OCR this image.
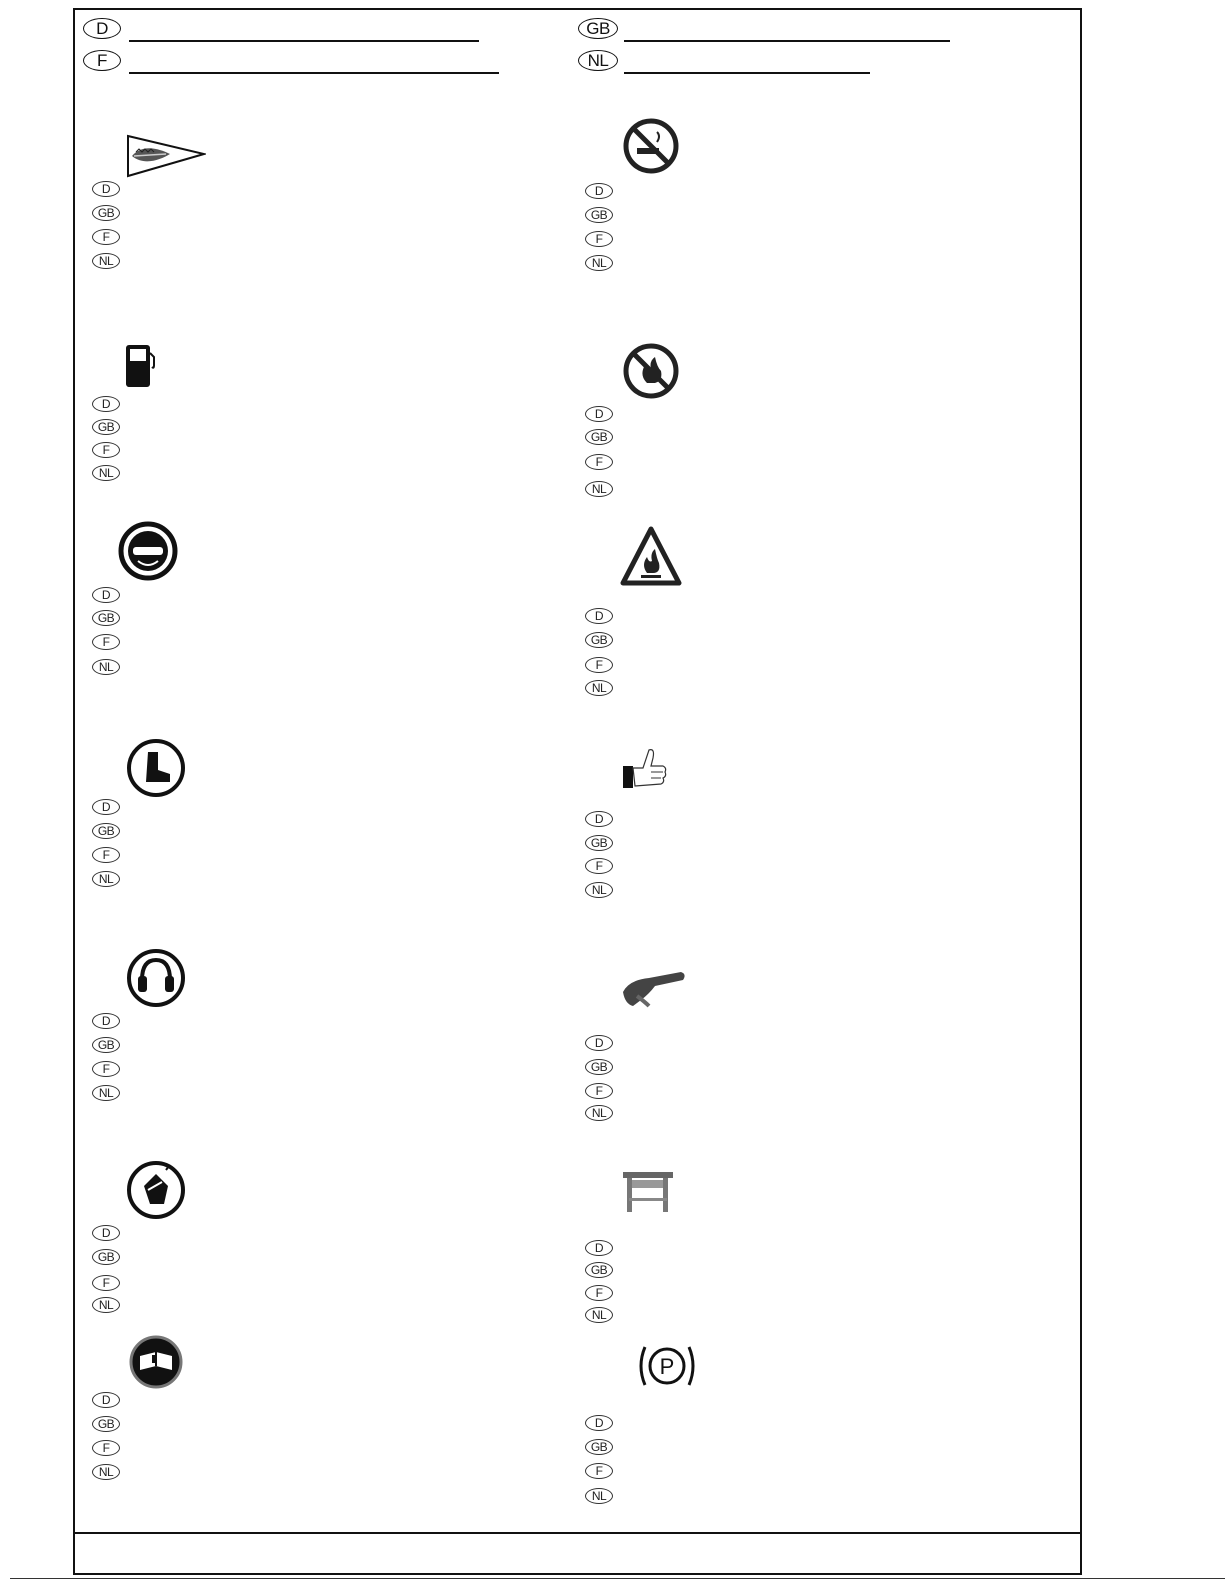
D
F
GB
NL
D
GB
F
NL
D
GB
F
NL
D
GB
F
NL
D
GB
F
NL
D
GB
F
NL
D
GB
F
NL
D
GB
F
NL
D
GB
F
NL
D
GB
F
NL
D
GB
F
NL
D
GB
F
NL
D
GB
F
NL
D
GB
F
NL
P
D
GB
F
NL
